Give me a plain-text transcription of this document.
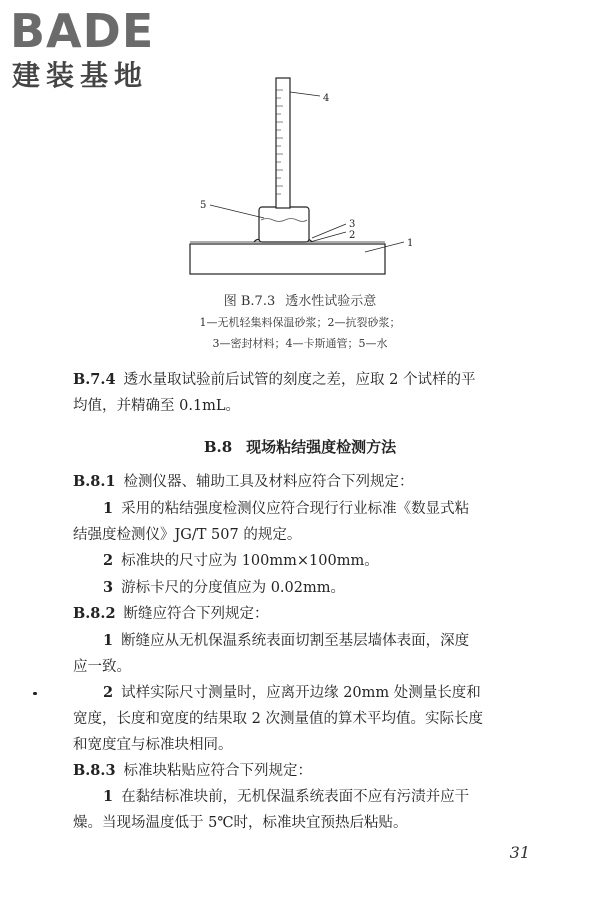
BADE
建装基地
4
5
3
2
1
图 B.7.3 透水性试验示意
1—无机轻集料保温砂浆；2—抗裂砂浆；
3—密封材料；4—卡斯通管；5—水
B.7.4 透水量取试验前后试管的刻度之差，应取 2 个试样的平
均值，并精确至 0.1mL。
B.8 现场粘结强度检测方法
B.8.1 检测仪器、辅助工具及材料应符合下列规定：
1 采用的粘结强度检测仪应符合现行行业标准《数显式粘
结强度检测仪》JG/T 507 的规定。
2 标准块的尺寸应为 100mm×100mm。
3 游标卡尺的分度值应为 0.02mm。
B.8.2 断缝应符合下列规定：
1 断缝应从无机保温系统表面切割至基层墙体表面，深度
应一致。
2 试样实际尺寸测量时，应离开边缘 20mm 处测量长度和
宽度，长度和宽度的结果取 2 次测量值的算术平均值。实际长度
和宽度宜与标准块相同。
B.8.3 标准块粘贴应符合下列规定：
1 在黏结标准块前，无机保温系统表面不应有污渍并应干
燥。当现场温度低于 5℃时，标准块宜预热后粘贴。
31
